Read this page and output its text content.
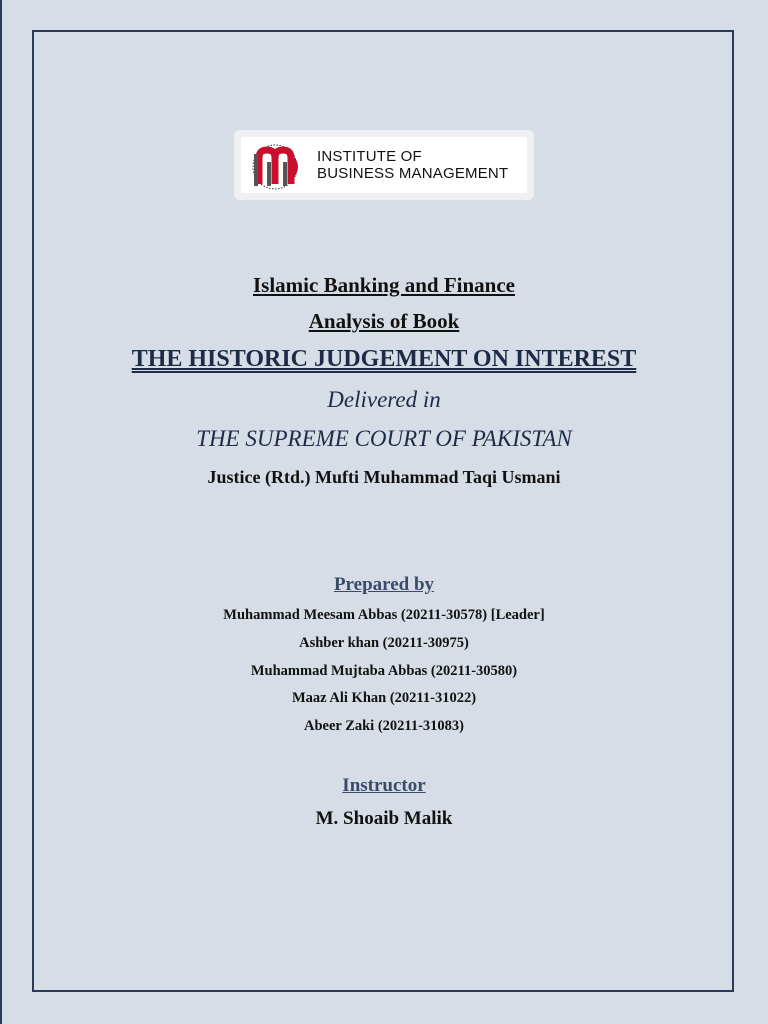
INSTITUTE OF
BUSINESS MANAGEMENT
Islamic Banking and Finance
Analysis of Book
THE HISTORIC JUDGEMENT ON INTEREST
Delivered in
THE SUPREME COURT OF PAKISTAN
Justice (Rtd.) Mufti Muhammad Taqi Usmani
Prepared by
Muhammad Meesam Abbas (20211-30578) [Leader]
Ashber khan (20211-30975)
Muhammad Mujtaba Abbas (20211-30580)
Maaz Ali Khan (20211-31022)
Abeer Zaki (20211-31083)
Instructor
M. Shoaib Malik
